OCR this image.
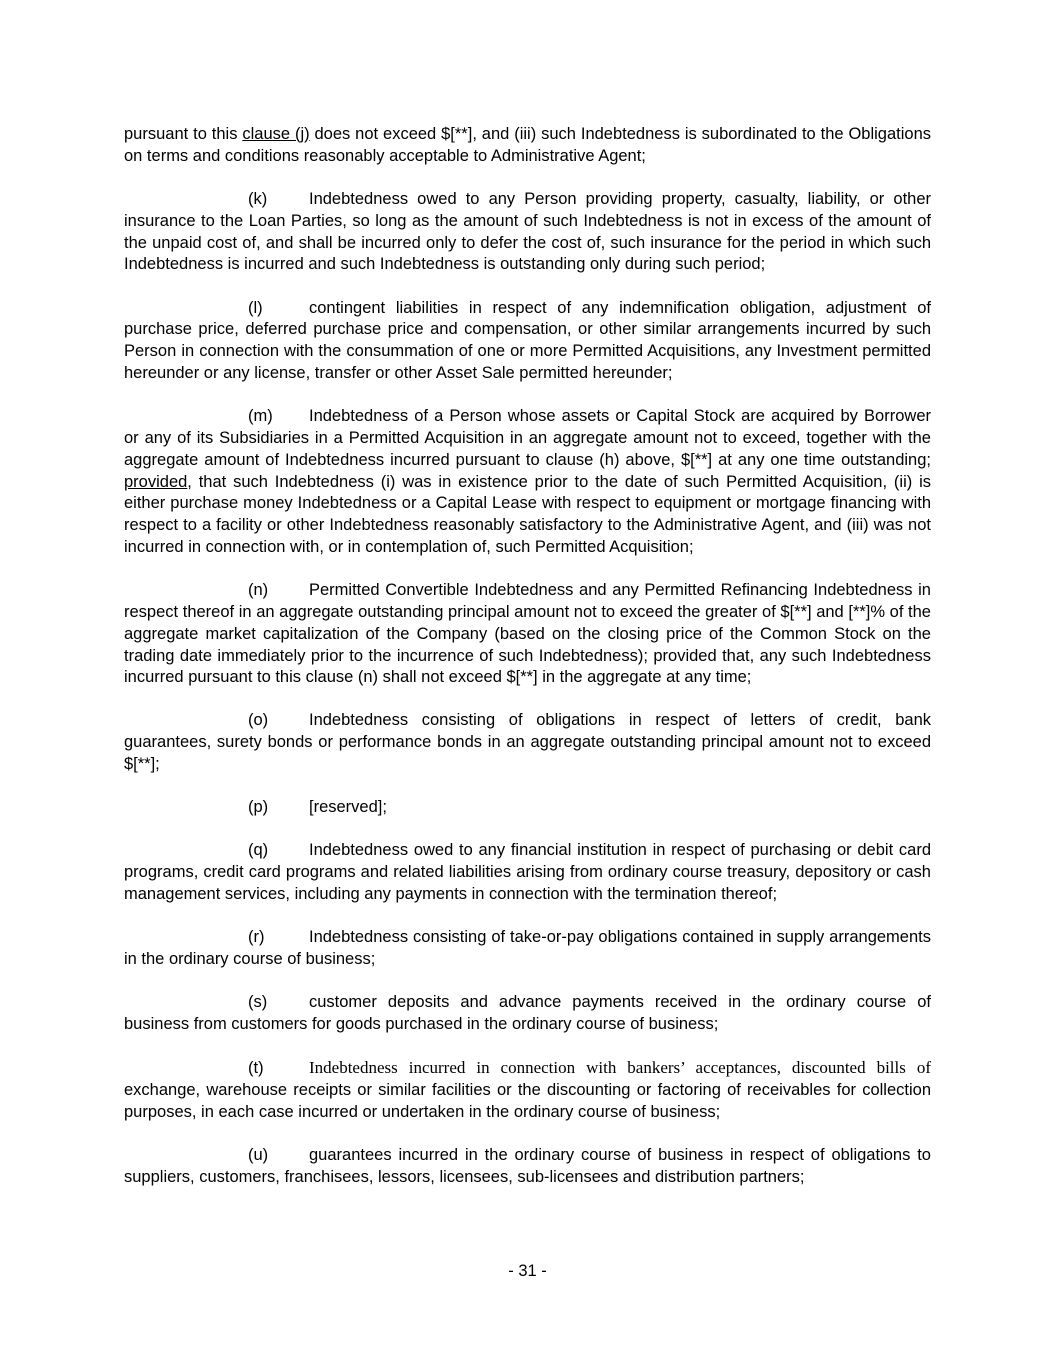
pursuant to this clause (j) does not exceed $[**], and (iii) such Indebtedness is subordinated to the Obligations on terms and conditions reasonably acceptable to Administrative Agent;

(k)	Indebtedness owed to any Person providing property, casualty, liability, or other insurance to the Loan Parties, so long as the amount of such Indebtedness is not in excess of the amount of the unpaid cost of, and shall be incurred only to defer the cost of, such insurance for the period in which such Indebtedness is incurred and such Indebtedness is outstanding only during such period;

(l)	contingent liabilities in respect of any indemnification obligation, adjustment of purchase price, deferred purchase price and compensation, or other similar arrangements incurred by such Person in connection with the consummation of one or more Permitted Acquisitions, any Investment permitted hereunder or any license, transfer or other Asset Sale permitted hereunder;

(m) Indebtedness of a Person whose assets or Capital Stock are acquired by Borrower or any of its Subsidiaries in a Permitted Acquisition in an aggregate amount not to exceed, together with the aggregate amount of Indebtedness incurred pursuant to clause (h) above, $[**] at any one time outstanding; provided, that such Indebtedness (i) was in existence prior to the date of such Permitted Acquisition, (ii) is either purchase money Indebtedness or a Capital Lease with respect to equipment or mortgage financing with respect to a facility or other Indebtedness reasonably satisfactory to the Administrative Agent, and (iii) was not incurred in connection with, or in contemplation of, such Permitted Acquisition;

(n) Permitted Convertible Indebtedness and any Permitted Refinancing Indebtedness in respect thereof in an aggregate outstanding principal amount not to exceed the greater of $[**] and [**]% of the aggregate market capitalization of the Company (based on the closing price of the Common Stock on the trading date immediately prior to the incurrence of such Indebtedness); provided that, any such Indebtedness incurred pursuant to this clause (n) shall not exceed $[**] in the aggregate at any time;

(o) Indebtedness consisting of obligations in respect of letters of credit, bank guarantees, surety bonds or performance bonds in an aggregate outstanding principal amount not to exceed $[**];

(p) [reserved];

(q) Indebtedness owed to any financial institution in respect of purchasing or debit card programs, credit card programs and related liabilities arising from ordinary course treasury, depository or cash management services, including any payments in connection with the termination thereof;

(r)	Indebtedness consisting of take-or-pay obligations contained in supply arrangements in the ordinary course of business;

(s)	customer deposits and advance payments received in the ordinary course of business from customers for goods purchased in the ordinary course of business;

(t)	Indebtedness incurred in connection with bankers’ acceptances, discounted bills of exchange, warehouse receipts or similar facilities or the discounting or factoring of receivables for collection purposes, in each case incurred or undertaken in the ordinary course of business;

(u) guarantees incurred in the ordinary course of business in respect of obligations to suppliers, customers, franchisees, lessors, licensees, sub-licensees and distribution partners;

- 31 -
